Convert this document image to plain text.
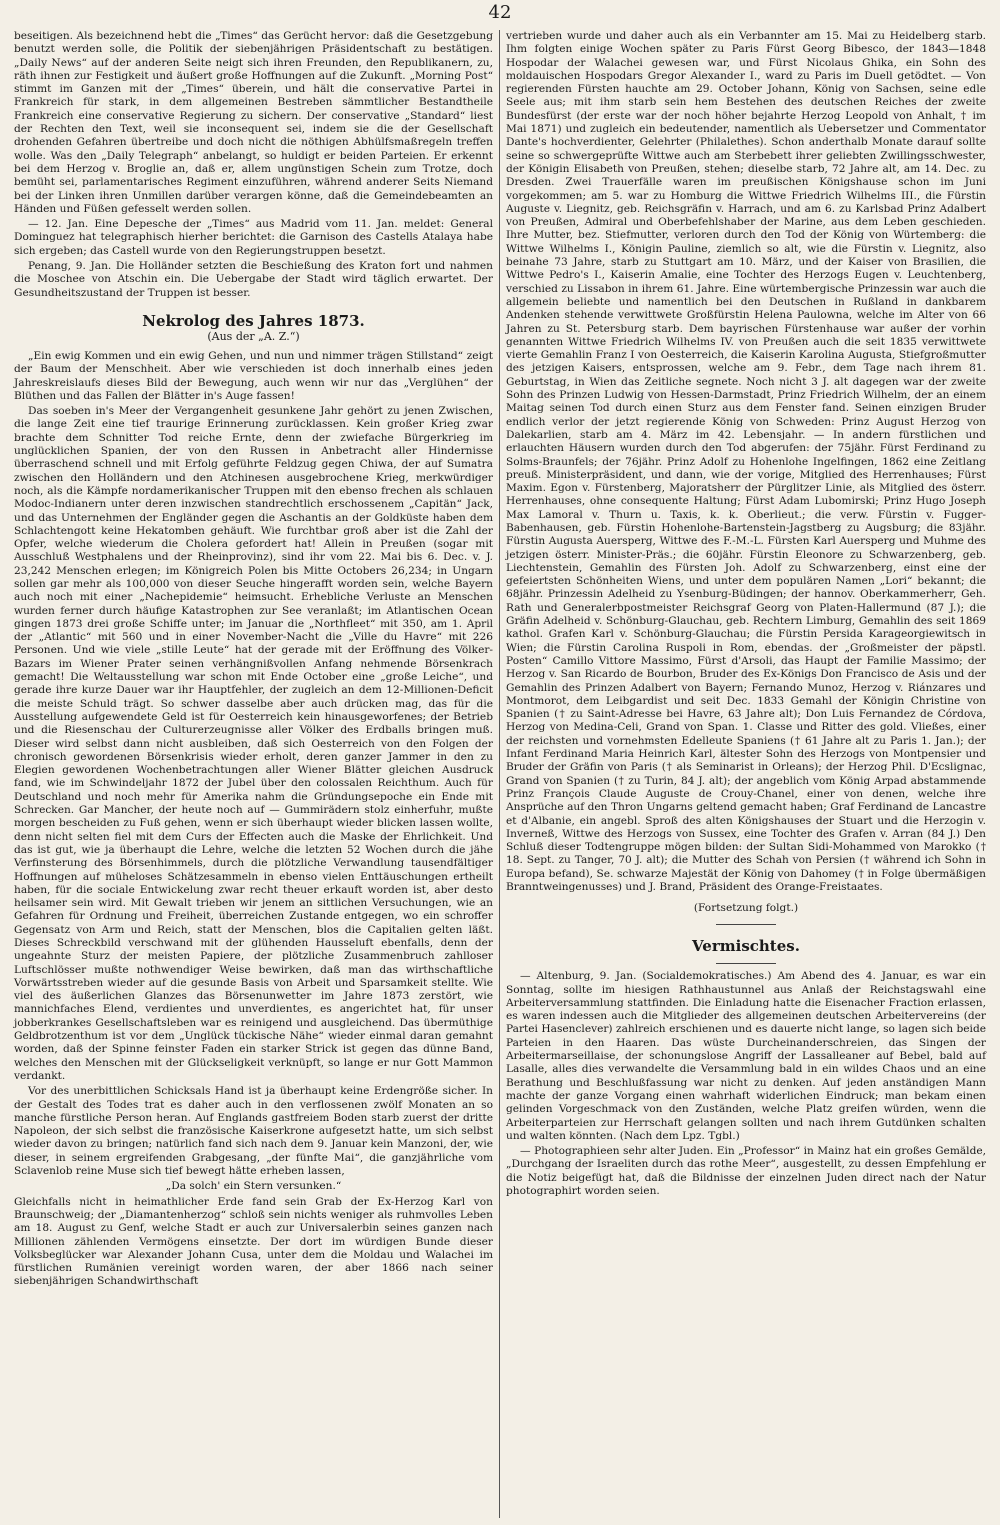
42

beseitigen. Als bezeichnend hebt die „Times“ das Gerücht hervor: daß die Gesetzgebung benutzt werden solle, die Politik der siebenjährigen Präsidentschaft zu bestätigen. „Daily News“ auf der anderen Seite neigt sich ihren Freunden, den Republikanern, zu, räth ihnen zur Festigkeit und äußert große Hoffnungen auf die Zukunft. „Morning Post“ stimmt im Ganzen mit der „Times“ überein, und hält die conservative Partei in Frankreich für stark, in dem allgemeinen Bestreben sämmtlicher Bestandtheile Frankreich eine conservative Regierung zu sichern. Der conservative „Standard“ liest der Rechten den Text, weil sie inconsequent sei, indem sie die der Gesellschaft drohenden Gefahren übertreibe und doch nicht die nöthigen Abhülfsmaßregeln treffen wolle. Was den „Daily Telegraph“ anbelangt, so huldigt er beiden Parteien. Er erkennt bei dem Herzog v. Broglie an, daß er, allem ungünstigen Schein zum Trotze, doch bemüht sei, parlamentarisches Regiment einzuführen, während anderer Seits Niemand bei der Linken ihren Unmillen darüber verargen könne, daß die Gemeindebeamten an Händen und Füßen gefesselt werden sollen.

— 12. Jan. Eine Depesche der „Times“ aus Madrid vom 11. Jan. meldet: General Dominguez hat telegraphisch hierher berichtet: die Garnison des Castells Atalaya habe sich ergeben; das Castell wurde von den Regierungstruppen besetzt.

Penang, 9. Jan. Die Holländer setzten die Beschießung des Kraton fort und nahmen die Moschee von Atschin ein. Die Uebergabe der Stadt wird täglich erwartet. Der Gesundheitszustand der Truppen ist besser.

Nekrolog des Jahres 1873.
(Aus der „A. Z.“)

„Ein ewig Kommen und ein ewig Gehen, und nun und nimmer trägen Stillstand“ zeigt der Baum der Menschheit. Aber wie verschieden ist doch innerhalb eines jeden Jahreskreislaufs dieses Bild der Bewegung, auch wenn wir nur das „Verglühen“ der Blüthen und das Fallen der Blätter in's Auge fassen!

Das soeben in's Meer der Vergangenheit gesunkene Jahr gehört zu jenen Zwischen, die lange Zeit eine tief traurige Erinnerung zurücklassen. Kein großer Krieg zwar brachte dem Schnitter Tod reiche Ernte, denn der zwiefache Bürgerkrieg im unglücklichen Spanien, der von den Russen in Anbetracht aller Hindernisse überraschend schnell und mit Erfolg geführte Feldzug gegen Chiwa, der auf Sumatra zwischen den Holländern und den Atchinesen ausgebrochene Krieg, merkwürdiger noch, als die Kämpfe nordamerikanischer Truppen mit den ebenso frechen als schlauen Modoc-Indianern unter deren inzwischen standrechtlich erschossenem „Capitän“ Jack, und das Unternehmen der Engländer gegen die Aschantis an der Goldküste haben dem Schlachtengott keine Hekatomben gehäuft. Wie furchtbar groß aber ist die Zahl der Opfer, welche wiederum die Cholera gefordert hat! Allein in Preußen (sogar mit Ausschluß Westphalens und der Rheinprovinz), sind ihr vom 22. Mai bis 6. Dec. v. J. 23,242 Menschen erlegen; im Königreich Polen bis Mitte Octobers 26,234; in Ungarn sollen gar mehr als 100,000 von dieser Seuche hingerafft worden sein, welche Bayern auch noch mit einer „Nachepidemie“ heimsucht. Erhebliche Verluste an Menschen wurden ferner durch häufige Katastrophen zur See veranlaßt; im Atlantischen Ocean gingen 1873 drei große Schiffe unter; im Januar die „Northfleet“ mit 350, am 1. April der „Atlantic“ mit 560 und in einer November-Nacht die „Ville du Havre“ mit 226 Personen. Und wie viele „stille Leute“ hat der gerade mit der Eröffnung des Völker-Bazars im Wiener Prater seinen verhängnißvollen Anfang nehmende Börsenkrach gemacht! Die Weltausstellung war schon mit Ende October eine „große Leiche“, und gerade ihre kurze Dauer war ihr Hauptfehler, der zugleich an dem 12-Millionen-Deficit die meiste Schuld trägt. So schwer dasselbe aber auch drücken mag, das für die Ausstellung aufgewendete Geld ist für Oesterreich kein hinausgeworfenes; der Betrieb und die Riesenschau der Culturerzeugnisse aller Völker des Erdballs bringen muß. Dieser wird selbst dann nicht ausbleiben, daß sich Oesterreich von den Folgen der chronisch gewordenen Börsenkrisis wieder erholt, deren ganzer Jammer in den zu Elegien gewordenen Wochenbetrachtungen aller Wiener Blätter gleichen Ausdruck fand, wie im Schwindeljahr 1872 der Jubel über den colossalen Reichthum. Auch für Deutschland und noch mehr für Amerika nahm die Gründungsepoche ein Ende mit Schrecken. Gar Mancher, der heute noch auf — Gummirädern stolz einherfuhr, mußte morgen bescheiden zu Fuß gehen, wenn er sich überhaupt wieder blicken lassen wollte, denn nicht selten fiel mit dem Curs der Effecten auch die Maske der Ehrlichkeit. Und das ist gut, wie ja überhaupt die Lehre, welche die letzten 52 Wochen durch die jähe Verfinsterung des Börsenhimmels, durch die plötzliche Verwandlung tausendfältiger Hoffnungen auf müheloses Schätzesammeln in ebenso vielen Enttäuschungen ertheilt haben, für die sociale Entwickelung zwar recht theuer erkauft worden ist, aber desto heilsamer sein wird. Mit Gewalt trieben wir jenem an sittlichen Versuchungen, wie an Gefahren für Ordnung und Freiheit, überreichen Zustande entgegen, wo ein schroffer Gegensatz von Arm und Reich, statt der Menschen, blos die Capitalien gelten läßt. Dieses Schreckbild verschwand mit der glühenden Hausseluft ebenfalls, denn der ungeahnte Sturz der meisten Papiere, der plötzliche Zusammenbruch zahlloser Luftschlösser mußte nothwendiger Weise bewirken, daß man das wirthschaftliche Vorwärtsstreben wieder auf die gesunde Basis von Arbeit und Sparsamkeit stellte. Wie viel des äußerlichen Glanzes das Börsenunwetter im Jahre 1873 zerstört, wie mannichfaches Elend, verdientes und unverdientes, es angerichtet hat, für unser jobberkrankes Gesellschaftsleben war es reinigend und ausgleichend. Das übermüthige Geldbrotzenthum ist vor dem „Unglück tückische Nähe“ wieder einmal daran gemahnt worden, daß der Spinne feinster Faden ein starker Strick ist gegen das dünne Band, welches den Menschen mit der Glückseligkeit verknüpft, so lange er nur Gott Mammon verdankt.

Vor des unerbittlichen Schicksals Hand ist ja überhaupt keine Erdengröße sicher. In der Gestalt des Todes trat es daher auch in den verflossenen zwölf Monaten an so manche fürstliche Person heran. Auf Englands gastfreiem Boden starb zuerst der dritte Napoleon, der sich selbst die französische Kaiserkrone aufgesetzt hatte, um sich selbst wieder davon zu bringen; natürlich fand sich nach dem 9. Januar kein Manzoni, der, wie dieser, in seinem ergreifenden Grabgesang, „der fünfte Mai“, die ganzjährliche vom Sclavenlob reine Muse sich tief bewegt hätte erheben lassen,

„Da solch' ein Stern versunken.“

Gleichfalls nicht in heimathlicher Erde fand sein Grab der Ex-Herzog Karl von Braunschweig; der „Diamantenherzog“ schloß sein nichts weniger als ruhmvolles Leben am 18. August zu Genf, welche Stadt er auch zur Universalerbin seines ganzen nach Millionen zählenden Vermögens einsetzte. Der dort im würdigen Bunde dieser Volksbeglücker war Alexander Johann Cusa, unter dem die Moldau und Walachei im fürstlichen Rumänien vereinigt worden waren, der aber 1866 nach seiner siebenjährigen Schandwirthschaft

vertrieben wurde und daher auch als ein Verbannter am 15. Mai zu Heidelberg starb. Ihm folgten einige Wochen später zu Paris Fürst Georg Bibesco, der 1843—1848 Hospodar der Walachei gewesen war, und Fürst Nicolaus Ghika, ein Sohn des moldauischen Hospodars Gregor Alexander I., ward zu Paris im Duell getödtet. — Von regierenden Fürsten hauchte am 29. October Johann, König von Sachsen, seine edle Seele aus; mit ihm starb sein hem Bestehen des deutschen Reiches der zweite Bundesfürst (der erste war der noch höher bejahrte Herzog Leopold von Anhalt, † im Mai 1871) und zugleich ein bedeutender, namentlich als Uebersetzer und Commentator Dante's hochverdienter, Gelehrter (Philalethes). Schon anderthalb Monate darauf sollte seine so schwergeprüfte Wittwe auch am Sterbebett ihrer geliebten Zwillingsschwester, der Königin Elisabeth von Preußen, stehen; dieselbe starb, 72 Jahre alt, am 14. Dec. zu Dresden. Zwei Trauerfälle waren im preußischen Königshause schon im Juni vorgekommen; am 5. war zu Homburg die Wittwe Friedrich Wilhelms III., die Fürstin Auguste v. Liegnitz, geb. Reichsgräfin v. Harrach, und am 6. zu Karlsbad Prinz Adalbert von Preußen, Admiral und Oberbefehlshaber der Marine, aus dem Leben geschieden. Ihre Mutter, bez. Stiefmutter, verloren durch den Tod der König von Würtemberg: die Wittwe Wilhelms I., Königin Pauline, ziemlich so alt, wie die Fürstin v. Liegnitz, also beinahe 73 Jahre, starb zu Stuttgart am 10. März, und der Kaiser von Brasilien, die Wittwe Pedro's I., Kaiserin Amalie, eine Tochter des Herzogs Eugen v. Leuchtenberg, verschied zu Lissabon in ihrem 61. Jahre. Eine würtembergische Prinzessin war auch die allgemein beliebte und namentlich bei den Deutschen in Rußland in dankbarem Andenken stehende verwittwete Großfürstin Helena Paulowna, welche im Alter von 66 Jahren zu St. Petersburg starb. Dem bayrischen Fürstenhause war außer der vorhin genannten Wittwe Friedrich Wilhelms IV. von Preußen auch die seit 1835 verwittwete vierte Gemahlin Franz I von Oesterreich, die Kaiserin Karolina Augusta, Stiefgroßmutter des jetzigen Kaisers, entsprossen, welche am 9. Febr., dem Tage nach ihrem 81. Geburtstag, in Wien das Zeitliche segnete. Noch nicht 3 J. alt dagegen war der zweite Sohn des Prinzen Ludwig von Hessen-Darmstadt, Prinz Friedrich Wilhelm, der an einem Maitag seinen Tod durch einen Sturz aus dem Fenster fand. Seinen einzigen Bruder endlich verlor der jetzt regierende König von Schweden: Prinz August Herzog von Dalekarlien, starb am 4. März im 42. Lebensjahr. — In andern fürstlichen und erlauchten Häusern wurden durch den Tod abgerufen: der 75jähr. Fürst Ferdinand zu Solms-Braunfels; der 76jähr. Prinz Adolf zu Hohenlohe Ingelfingen, 1862 eine Zeitlang preuß. Ministerpräsident, und dann, wie der vorige, Mitglied des Herrenhauses; Fürst Maxim. Egon v. Fürstenberg, Majoratsherr der Pürglitzer Linie, als Mitglied des österr. Herrenhauses, ohne consequente Haltung; Fürst Adam Lubomirski; Prinz Hugo Joseph Max Lamoral v. Thurn u. Taxis, k. k. Oberlieut.; die verw. Fürstin v. Fugger-Babenhausen, geb. Fürstin Hohenlohe-Bartenstein-Jagstberg zu Augsburg; die 83jähr. Fürstin Augusta Auersperg, Wittwe des F.-M.-L. Fürsten Karl Auersperg und Muhme des jetzigen österr. Minister-Präs.; die 60jähr. Fürstin Eleonore zu Schwarzenberg, geb. Liechtenstein, Gemahlin des Fürsten Joh. Adolf zu Schwarzenberg, einst eine der gefeiertsten Schönheiten Wiens, und unter dem populären Namen „Lori“ bekannt; die 68jähr. Prinzessin Adelheid zu Ysenburg-Büdingen; der hannov. Oberkammerherr, Geh. Rath und Generalerbpostmeister Reichsgraf Georg von Platen-Hallermund (87 J.); die Gräfin Adelheid v. Schönburg-Glauchau, geb. Rechtern Limburg, Gemahlin des seit 1869 kathol. Grafen Karl v. Schönburg-Glauchau; die Fürstin Persida Karageorgiewitsch in Wien; die Fürstin Carolina Ruspoli in Rom, ebendas. der „Großmeister der päpstl. Posten“ Camillo Vittore Massimo, Fürst d'Arsoli, das Haupt der Familie Massimo; der Herzog v. San Ricardo de Bourbon, Bruder des Ex-Königs Don Francisco de Asis und der Gemahlin des Prinzen Adalbert von Bayern; Fernando Munoz, Herzog v. Riánzares und Montmorot, dem Leibgardist und seit Dec. 1833 Gemahl der Königin Christine von Spanien († zu Saint-Adresse bei Havre, 63 Jahre alt); Don Luis Fernandez de Córdova, Herzog von Medina-Celi, Grand von Span. 1. Classe und Ritter des gold. Vließes, einer der reichsten und vornehmsten Edelleute Spaniens († 61 Jahre alt zu Paris 1. Jan.); der Infant Ferdinand Maria Heinrich Karl, ältester Sohn des Herzogs von Montpensier und Bruder der Gräfin von Paris († als Seminarist in Orleans); der Herzog Phil. D'Ecslignac, Grand von Spanien († zu Turin, 84 J. alt); der angeblich vom König Arpad abstammende Prinz François Claude Auguste de Crouy-Chanel, einer von denen, welche ihre Ansprüche auf den Thron Ungarns geltend gemacht haben; Graf Ferdinand de Lancastre et d'Albanie, ein angebl. Sproß des alten Königshauses der Stuart und die Herzogin v. Inverneß, Wittwe des Herzogs von Sussex, eine Tochter des Grafen v. Arran (84 J.) Den Schluß dieser Todtengruppe mögen bilden: der Sultan Sidi-Mohammed von Marokko († 18. Sept. zu Tanger, 70 J. alt); die Mutter des Schah von Persien († während ich Sohn in Europa befand), Se. schwarze Majestät der König von Dahomey († in Folge übermäßigen Branntweingenusses) und J. Brand, Präsident des Orange-Freistaates.

(Fortsetzung folgt.)
Vermischtes.

— Altenburg, 9. Jan. (Socialdemokratisches.) Am Abend des 4. Januar, es war ein Sonntag, sollte im hiesigen Rathhaustunnel aus Anlaß der Reichstagswahl eine Arbeiterversammlung stattfinden. Die Einladung hatte die Eisenacher Fraction erlassen, es waren indessen auch die Mitglieder des allgemeinen deutschen Arbeitervereins (der Partei Hasenclever) zahlreich erschienen und es dauerte nicht lange, so lagen sich beide Parteien in den Haaren. Das wüste Durcheinanderschreien, das Singen der Arbeitermarseillaise, der schonungslose Angriff der Lassalleaner auf Bebel, bald auf Lasalle, alles dies verwandelte die Versammlung bald in ein wildes Chaos und an eine Berathung und Beschlußfassung war nicht zu denken. Auf jeden anständigen Mann machte der ganze Vorgang einen wahrhaft widerlichen Eindruck; man bekam einen gelinden Vorgeschmack von den Zuständen, welche Platz greifen würden, wenn die Arbeiterparteien zur Herrschaft gelangen sollten und nach ihrem Gutdünken schalten und walten könnten. (Nach dem Lpz. Tgbl.)

— Photographieen sehr alter Juden. Ein „Professor“ in Mainz hat ein großes Gemälde, „Durchgang der Israeliten durch das rothe Meer“, ausgestellt, zu dessen Empfehlung er die Notiz beigefügt hat, daß die Bildnisse der einzelnen Juden direct nach der Natur photographirt worden seien.
